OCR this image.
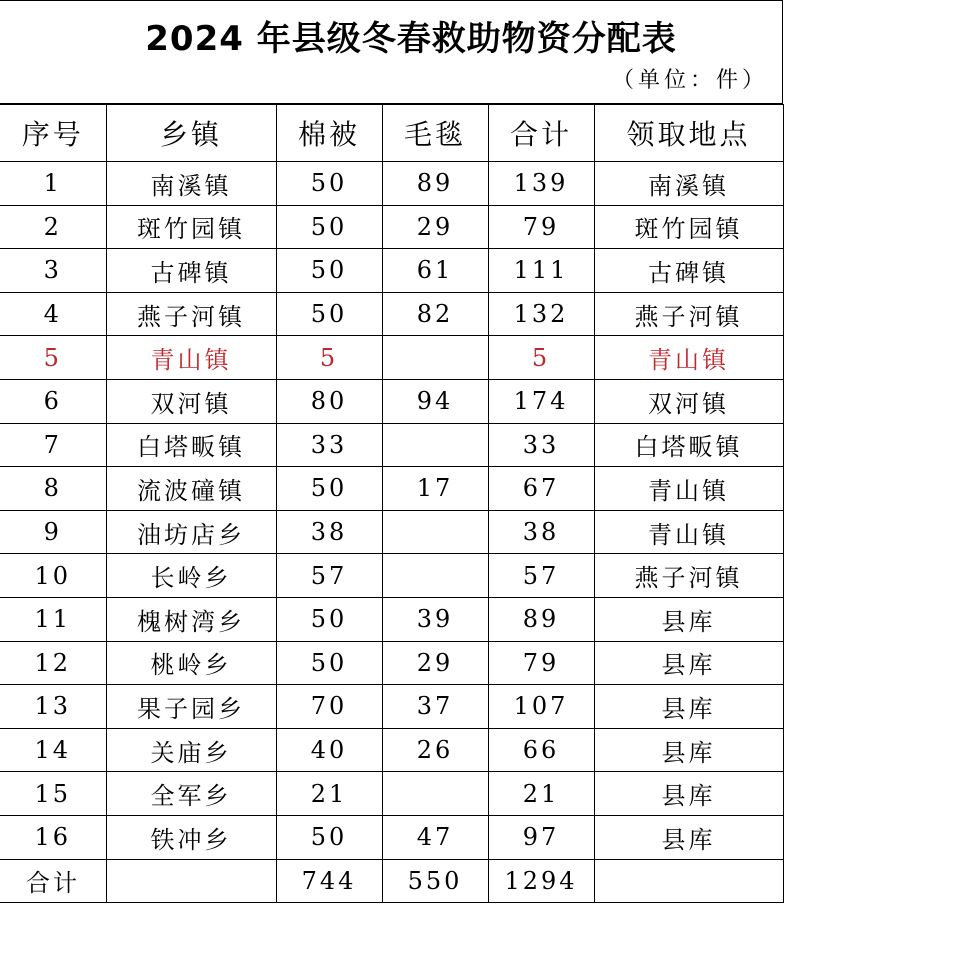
2024 年县级冬春救助物资分配表
（单位：件）
序号	乡镇	棉被	毛毯	合计	领取地点
1	南溪镇	50	89	139	南溪镇
2	斑竹园镇	50	29	79	斑竹园镇
3	古碑镇	50	61	111	古碑镇
4	燕子河镇	50	82	132	燕子河镇
5	青山镇	5		5	青山镇
6	双河镇	80	94	174	双河镇
7	白塔畈镇	33		33	白塔畈镇
8	流波䃥镇	50	17	67	青山镇
9	油坊店乡	38		38	青山镇
10	长岭乡	57		57	燕子河镇
11	槐树湾乡	50	39	89	县库
12	桃岭乡	50	29	79	县库
13	果子园乡	70	37	107	县库
14	关庙乡	40	26	66	县库
15	全军乡	21		21	县库
16	铁冲乡	50	47	97	县库
合计		744	550	1294	
